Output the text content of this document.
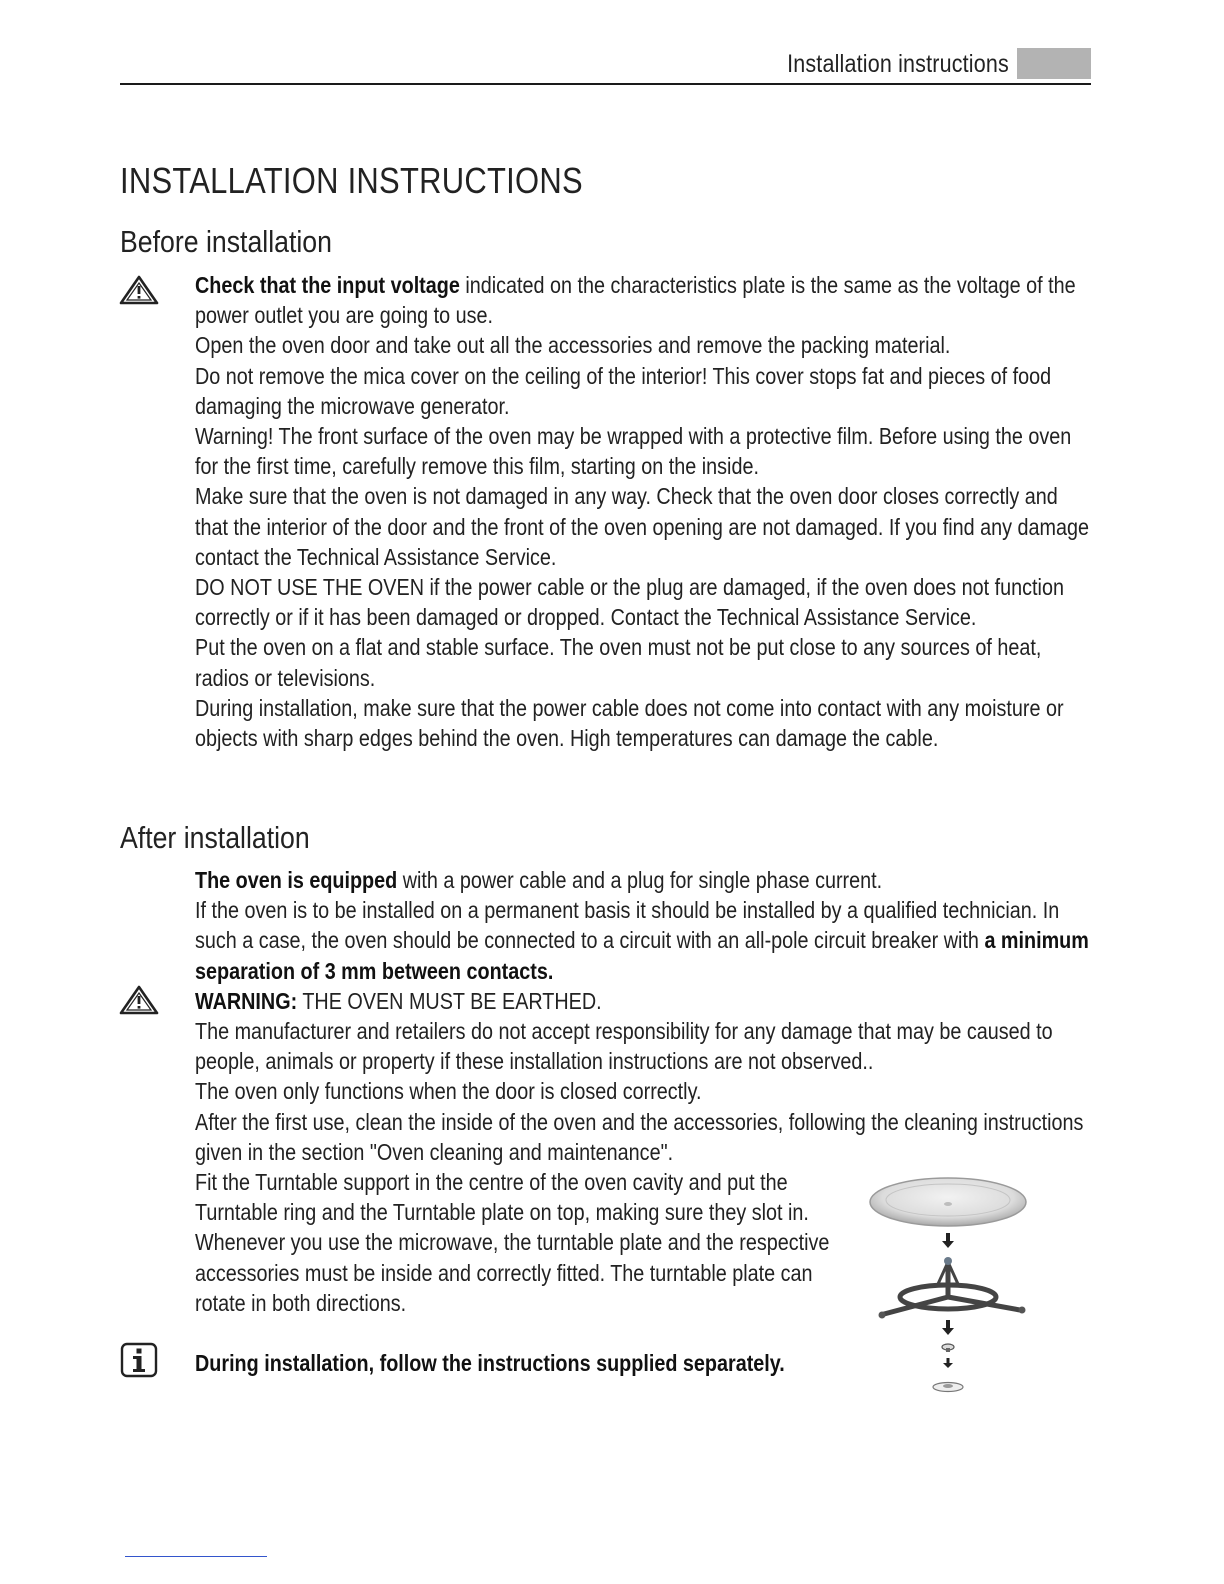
Installation instructions
INSTALLATION INSTRUCTIONS
Before installation
Check that the input voltage indicated on the characteristics plate is the same as the voltage of the power outlet you are going to use.
Open the oven door and take out all the accessories and remove the packing material.
Do not remove the mica cover on the ceiling of the interior! This cover stops fat and pieces of food damaging the microwave generator.
Warning! The front surface of the oven may be wrapped with a protective film. Before using the oven for the first time, carefully remove this film, starting on the inside.
Make sure that the oven is not damaged in any way. Check that the oven door closes correctly and that the interior of the door and the front of the oven opening are not damaged. If you find any damage contact the Technical Assistance Service.
DO NOT USE THE OVEN if the power cable or the plug are damaged, if the oven does not function correctly or if it has been damaged or dropped. Contact the Technical Assistance Service.
Put the oven on a flat and stable surface. The oven must not be put close to any sources of heat, radios or televisions.
During installation, make sure that the power cable does not come into contact with any moisture or objects with sharp edges behind the oven. High temperatures can damage the cable.
After installation
The oven is equipped with a power cable and a plug for single phase current.
If the oven is to be installed on a permanent basis it should be installed by a qualified technician. In such a case, the oven should be connected to a circuit with an all-pole circuit breaker with a minimum separation of 3 mm between contacts.
WARNING: THE OVEN MUST BE EARTHED.
The manufacturer and retailers do not accept responsibility for any damage that may be caused to people, animals or property if these installation instructions are not observed..
The oven only functions when the door is closed correctly.
After the first use, clean the inside of the oven and the accessories, following the cleaning instructions given in the section "Oven cleaning and maintenance".
Fit the Turntable support in the centre of the oven cavity and put the Turntable ring and the Turntable plate on top, making sure they slot in. Whenever you use the microwave, the turntable plate and the respective accessories must be inside and correctly fitted. The turntable plate can rotate in both directions.
During installation, follow the instructions supplied separately.
